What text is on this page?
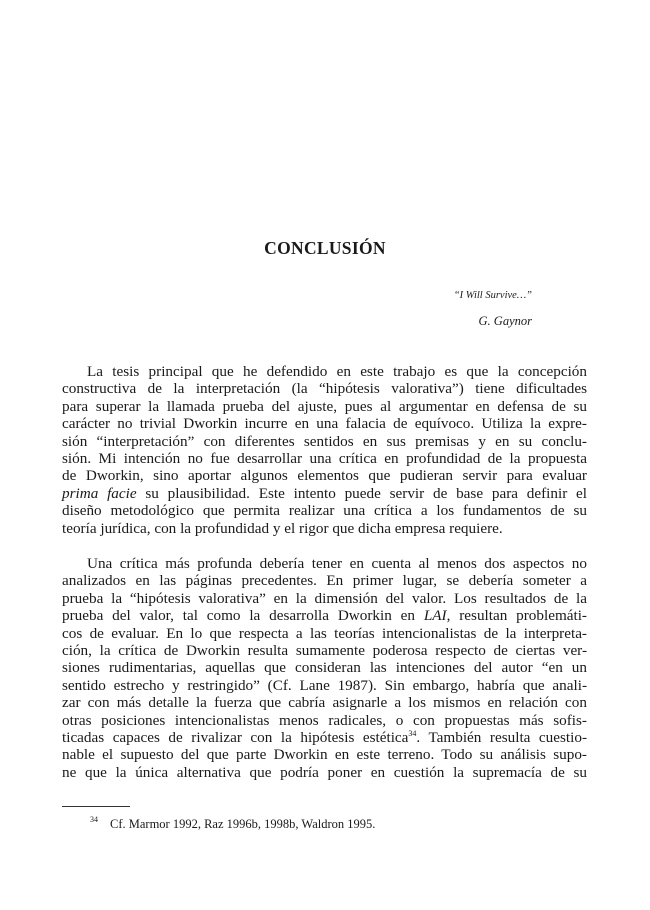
CONCLUSIÓN
“I Will Survive…”
G. Gaynor
La tesis principal que he defendido en este trabajo es que la concepción
constructiva de la interpretación (la “hipótesis valorativa”) tiene dificultades
para superar la llamada prueba del ajuste, pues al argumentar en defensa de su
carácter no trivial Dworkin incurre en una falacia de equívoco. Utiliza la expre-
sión “interpretación” con diferentes sentidos en sus premisas y en su conclu-
sión. Mi intención no fue desarrollar una crítica en profundidad de la propuesta
de Dworkin, sino aportar algunos elementos que pudieran servir para evaluar
prima facie su plausibilidad. Este intento puede servir de base para definir el
diseño metodológico que permita realizar una crítica a los fundamentos de su
teoría jurídica, con la profundidad y el rigor que dicha empresa requiere.
Una crítica más profunda debería tener en cuenta al menos dos aspectos no
analizados en las páginas precedentes. En primer lugar, se debería someter a
prueba la “hipótesis valorativa” en la dimensión del valor. Los resultados de la
prueba del valor, tal como la desarrolla Dworkin en LAI, resultan problemáti-
cos de evaluar. En lo que respecta a las teorías intencionalistas de la interpreta-
ción, la crítica de Dworkin resulta sumamente poderosa respecto de ciertas ver-
siones rudimentarias, aquellas que consideran las intenciones del autor “en un
sentido estrecho y restringido” (Cf. Lane 1987). Sin embargo, habría que anali-
zar con más detalle la fuerza que cabría asignarle a los mismos en relación con
otras posiciones intencionalistas menos radicales, o con propuestas más sofis-
ticadas capaces de rivalizar con la hipótesis estética$^{34}$. También resulta cuestio-
nable el supuesto del que parte Dworkin en este terreno. Todo su análisis supo-
ne que la única alternativa que podría poner en cuestión la supremacía de su
$^{34}$ Cf. Marmor 1992, Raz 1996b, 1998b, Waldron 1995.
